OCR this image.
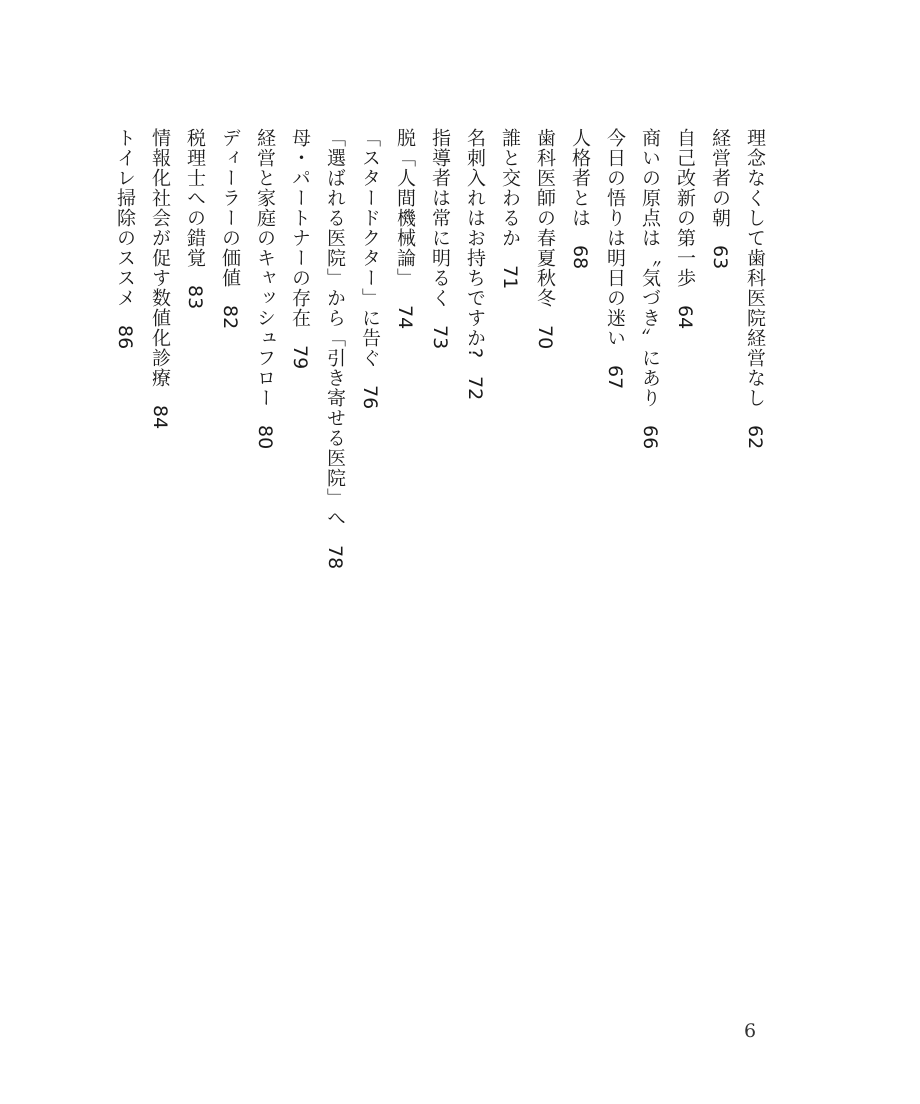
理念なくして歯科医院経営なし62
経営者の朝63
自己改新の第一歩64
商いの原点は〝気づき〟にあり66
今日の悟りは明日の迷い67
人格者とは68
歯科医師の春夏秋冬70
誰と交わるか71
名刺入れはお持ちですか?72
指導者は常に明るく73
脱「人間機械論」74
「スタードクター」に告ぐ76
「選ばれる医院」から「引き寄せる医院」へ78
母・パートナーの存在79
経営と家庭のキャッシュフロー80
ディーラーの価値82
税理士への錯覚83
情報化社会が促す数値化診療84
トイレ掃除のススメ86
6
